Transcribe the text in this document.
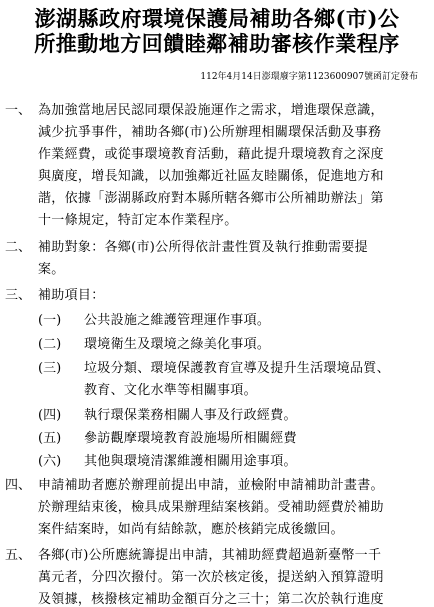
澎湖縣政府環境保護局補助各鄉(市)公
所推動地方回饋睦鄰補助審核作業程序
112年4月14日澎環廢字第1123600907號函訂定發布
一、 為加強當地居民認同環保設施運作之需求，增進環保意識，
減少抗爭事件，補助各鄉(市)公所辦理相關環保活動及事務
作業經費，或從事環境教育活動，藉此提升環境教育之深度
與廣度，增長知識，以加強鄰近社區友睦關係，促進地方和
諧，依據「澎湖縣政府對本縣所轄各鄉市公所補助辦法」第
十一條規定，特訂定本作業程序。
二、 補助對象：各鄉(市)公所得依計畫性質及執行推動需要提
案。
三、 補助項目：
(一) 公共設施之維護管理運作事項。
(二) 環境衛生及環境之綠美化事項。
(三) 垃圾分類、環境保護教育宣導及提升生活環境品質、
教育、文化水準等相關事項。
(四) 執行環保業務相關人事及行政經費。
(五) 參訪觀摩環境教育設施場所相關經費
(六) 其他與環境清潔維護相關用途事項。
四、 申請補助者應於辦理前提出申請，並檢附申請補助計畫書。
於辦理結束後，檢具成果辦理結案核銷。受補助經費於補助
案件結案時，如尚有結餘款，應於核銷完成後繳回。
五、 各鄉(市)公所應統籌提出申請，其補助經費超過新臺幣一千
萬元者，分四次撥付。第一次於核定後，提送納入預算證明
及領據，核撥核定補助金額百分之三十；第二次於執行進度
